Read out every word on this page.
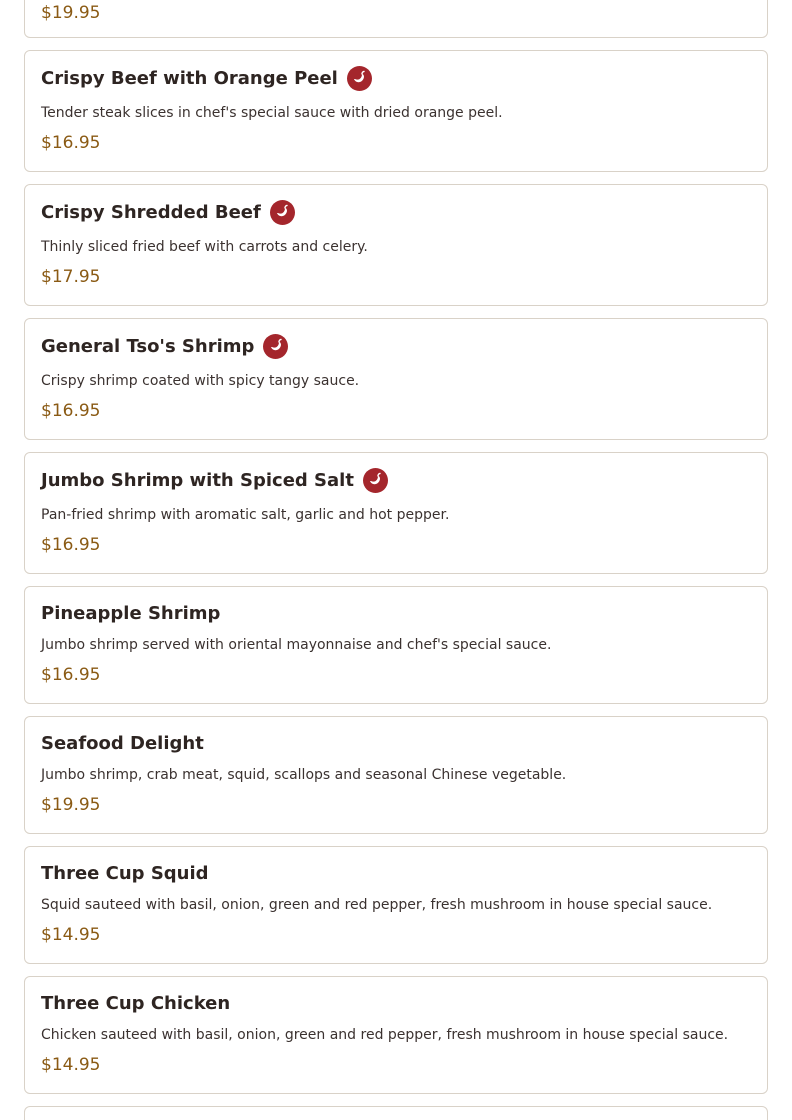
$19.95
Crispy Beef with Orange Peel
Tender steak slices in chef's special sauce with dried orange peel.
$16.95
Crispy Shredded Beef
Thinly sliced fried beef with carrots and celery.
$17.95
General Tso's Shrimp
Crispy shrimp coated with spicy tangy sauce.
$16.95
Jumbo Shrimp with Spiced Salt
Pan-fried shrimp with aromatic salt, garlic and hot pepper.
$16.95
Pineapple Shrimp
Jumbo shrimp served with oriental mayonnaise and chef's special sauce.
$16.95
Seafood Delight
Jumbo shrimp, crab meat, squid, scallops and seasonal Chinese vegetable.
$19.95
Three Cup Squid
Squid sauteed with basil, onion, green and red pepper, fresh mushroom in house special sauce.
$14.95
Three Cup Chicken
Chicken sauteed with basil, onion, green and red pepper, fresh mushroom in house special sauce.
$14.95
